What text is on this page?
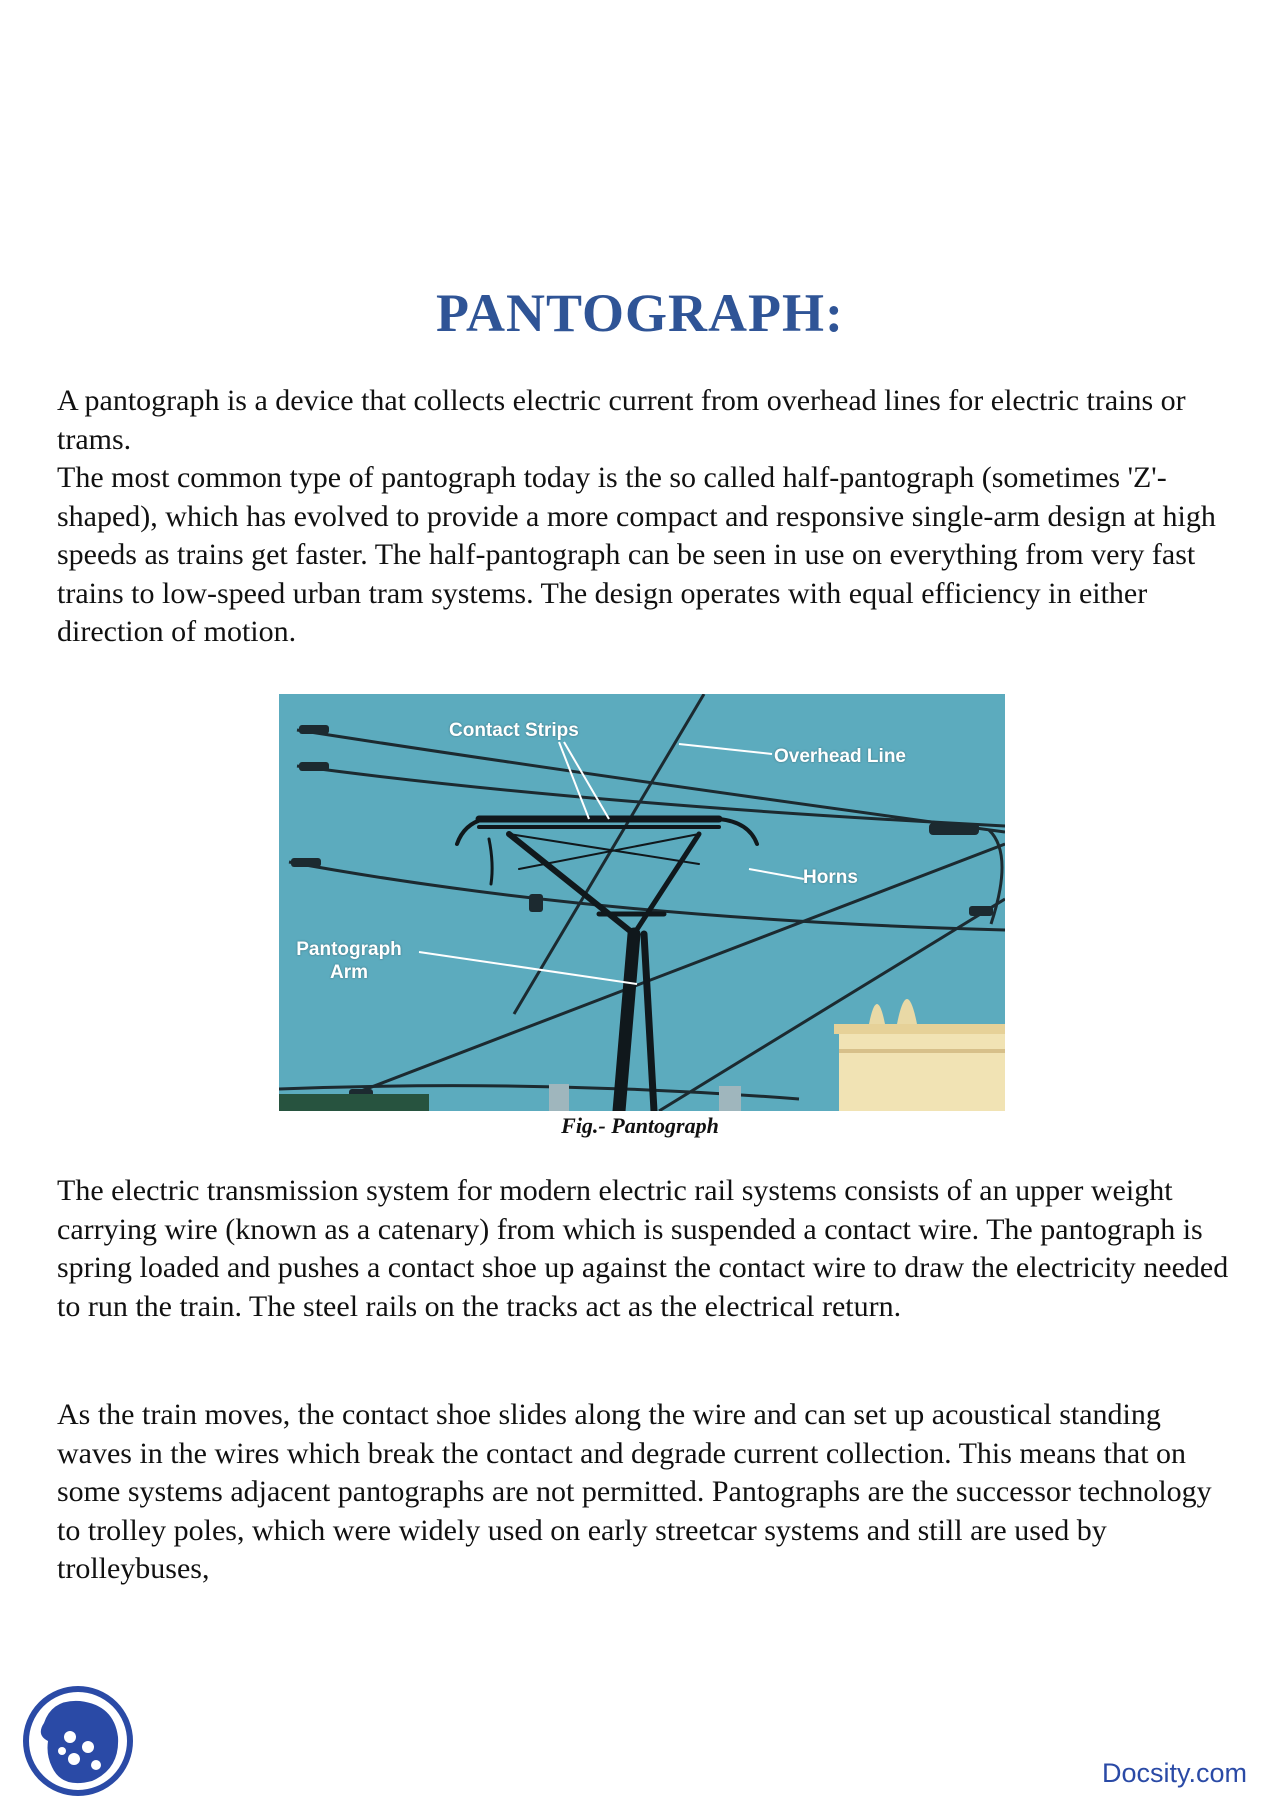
PANTOGRAPH:

A pantograph is a device that collects electric current from overhead lines for electric trains or trams.

The most common type of pantograph today is the so called half-pantograph (sometimes 'Z'-shaped), which has evolved to provide a more compact and responsive single-arm design at high speeds as trains get faster. The half-pantograph can be seen in use on everything from very fast trains to low-speed urban tram systems. The design operates with equal efficiency in either direction of motion.

Contact Strips
Overhead Line
Horns
Pantograph
Arm
Fig.- Pantograph

The electric transmission system for modern electric rail systems consists of an upper weight carrying wire (known as a catenary) from which is suspended a contact wire. The pantograph is spring loaded and pushes a contact shoe up against the contact wire to draw the electricity needed to run the train. The steel rails on the tracks act as the electrical return.

As the train moves, the contact shoe slides along the wire and can set up acoustical standing waves in the wires which break the contact and degrade current collection. This means that on some systems adjacent pantographs are not permitted. Pantographs are the successor technology to trolley poles, which were widely used on early streetcar systems and still are used by trolleybuses,

Docsity.com
